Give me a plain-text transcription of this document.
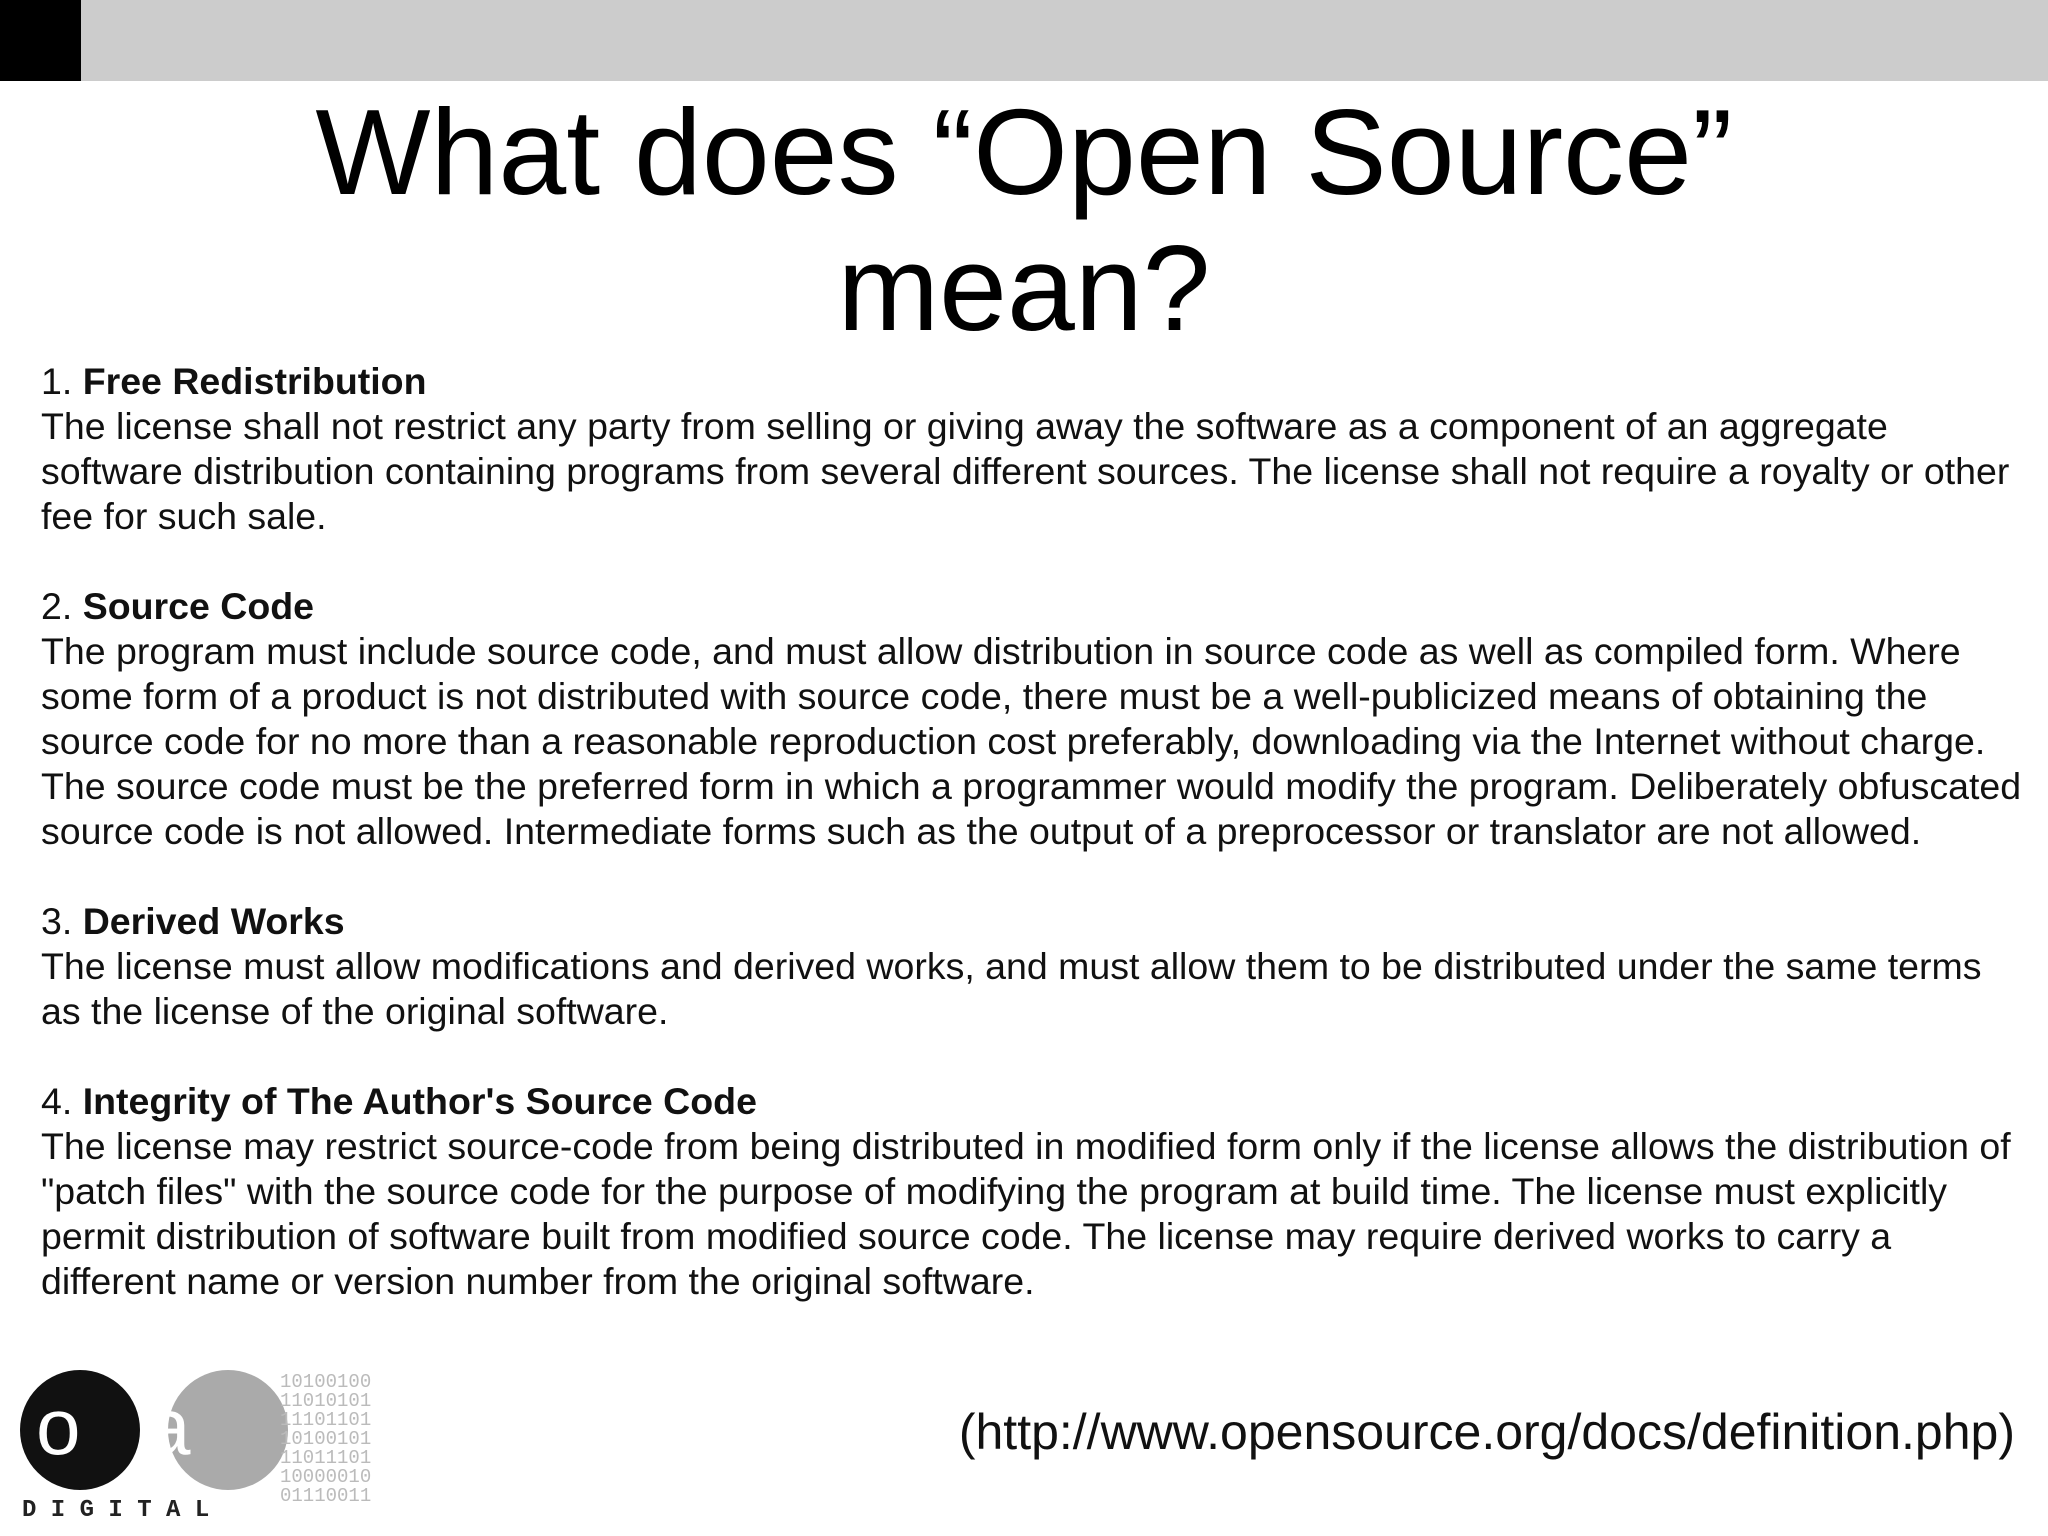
What does “Open Source”
mean?
1. Free Redistribution

The license shall not restrict any party from selling or giving away the software as a component of an aggregate software distribution containing programs from several different sources. The license shall not require a royalty or other fee for such sale.

2. Source Code

The program must include source code, and must allow distribution in source code as well as compiled form. Where some form of a product is not distributed with source code, there must be a well-publicized means of obtaining the source code for no more than a reasonable reproduction cost preferably, downloading via the Internet without charge. The source code must be the preferred form in which a programmer would modify the program. Deliberately obfuscated source code is not allowed. Intermediate forms such as the output of a preprocessor or translator are not allowed.

3. Derived Works

The license must allow modifications and derived works, and must allow them to be distributed under the same terms as the license of the original software.

4. Integrity of The Author's Source Code

The license may restrict source-code from being distributed in modified form only if the license allows the distribution of "patch files" with the source code for the purpose of modifying the program at build time. The license must explicitly permit distribution of software built from modified source code. The license may require derived works to carry a different name or version number from the original software.

o a	10100100
11010101
11101101
10100101
11011101
10000010
01110011
D I G I T A L
(http://www.opensource.org/docs/definition.php)
